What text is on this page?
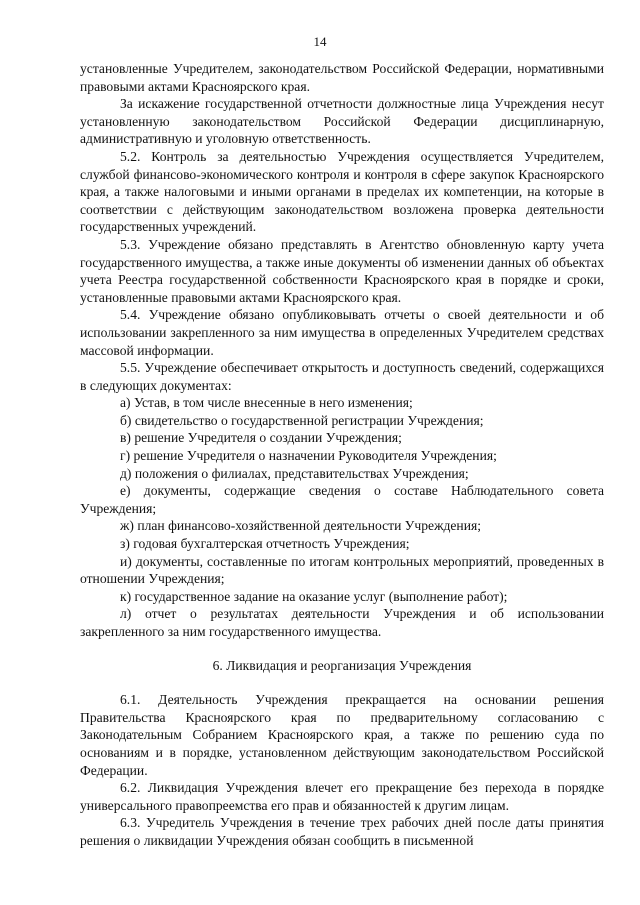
14

установленные Учредителем, законодательством Российской Федерации, нормативными правовыми актами Красноярского края.

За искажение государственной отчетности должностные лица Учреждения несут установленную законодательством Российской Федерации дисциплинарную, административную и уголовную ответственность.

5.2. Контроль за деятельностью Учреждения осуществляется Учредителем, службой финансово-экономического контроля и контроля в сфере закупок Красноярского края, а также налоговыми и иными органами в пределах их компетенции, на которые в соответствии с действующим законодательством возложена проверка деятельности государственных учреждений.

5.3. Учреждение обязано представлять в Агентство обновленную карту учета государственного имущества, а также иные документы об изменении данных об объектах учета Реестра государственной собственности Красноярского края в порядке и сроки, установленные правовыми актами Красноярского края.

5.4. Учреждение обязано опубликовывать отчеты о своей деятельности и об использовании закрепленного за ним имущества в определенных Учредителем средствах массовой информации.

5.5. Учреждение обеспечивает открытость и доступность сведений, содержащихся в следующих документах:

а) Устав, в том числе внесенные в него изменения;

б) свидетельство о государственной регистрации Учреждения;

в) решение Учредителя о создании Учреждения;

г) решение Учредителя о назначении Руководителя Учреждения;

д) положения о филиалах, представительствах Учреждения;

е) документы, содержащие сведения о составе Наблюдательного совета Учреждения;

ж) план финансово-хозяйственной деятельности Учреждения;

з) годовая бухгалтерская отчетность Учреждения;

и) документы, составленные по итогам контрольных мероприятий, проведенных в отношении Учреждения;

к) государственное задание на оказание услуг (выполнение работ);

л) отчет о результатах деятельности Учреждения и об использовании закрепленного за ним государственного имущества.

6. Ликвидация и реорганизация Учреждения

6.1. Деятельность Учреждения прекращается на основании решения Правительства Красноярского края по предварительному согласованию с Законодательным Собранием Красноярского края, а также по решению суда по основаниям и в порядке, установленном действующим законодательством Российской Федерации.

6.2. Ликвидация Учреждения влечет его прекращение без перехода в порядке универсального правопреемства его прав и обязанностей к другим лицам.

6.3. Учредитель Учреждения в течение трех рабочих дней после даты принятия решения о ликвидации Учреждения обязан сообщить в письменной
